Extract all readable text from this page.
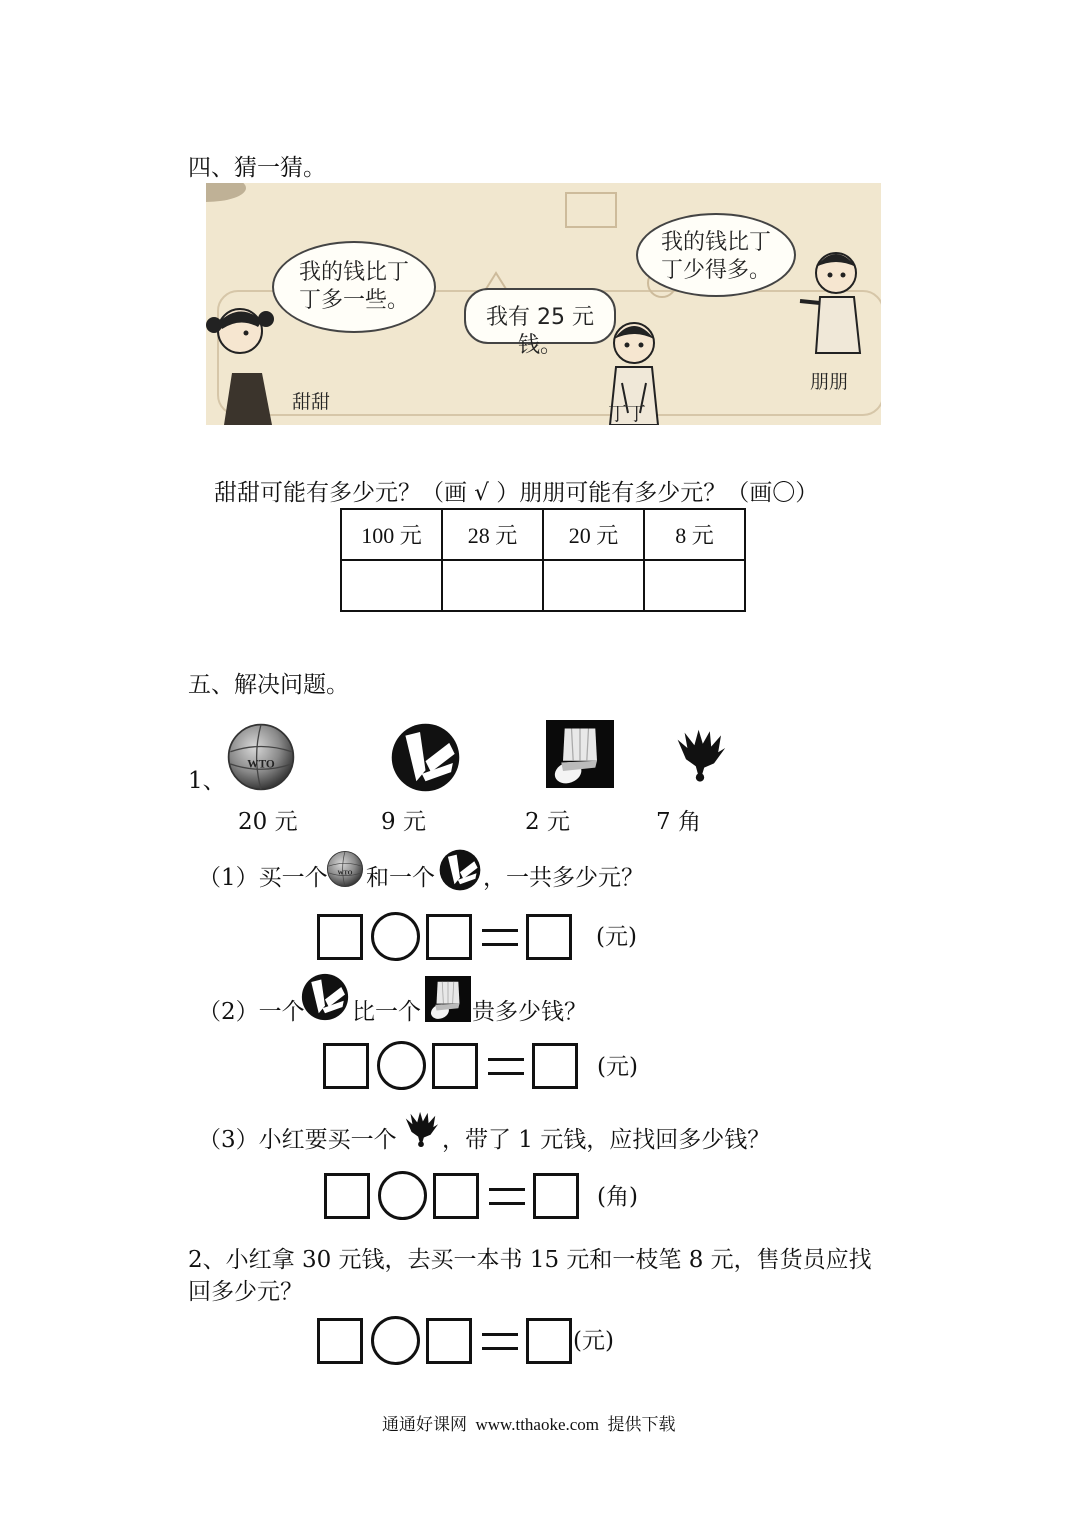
四、猜一猜。
我的钱比丁
丁多一些。
我有 25 元钱。
我的钱比丁
丁少得多。
甜甜
丁丁
朋朋
甜甜可能有多少元？（画 √ ）朋朋可能有多少元？（画〇）
100 元	28 元	20 元	8 元

五、解决问题。
1、
20 元	9 元	2 元	7 角
（1）买一个 和一个 ，一共多少元？
(元)
（2）一个 比一个 贵多少钱？
(元)
（3）小红要买一个 ，带了 1 元钱，应找回多少钱？
(角)
2、小红拿 30 元钱，去买一本书 15 元和一枝笔 8 元，售货员应找
回多少元？
(元)
通通好课网  www.tthaoke.com  提供下载
